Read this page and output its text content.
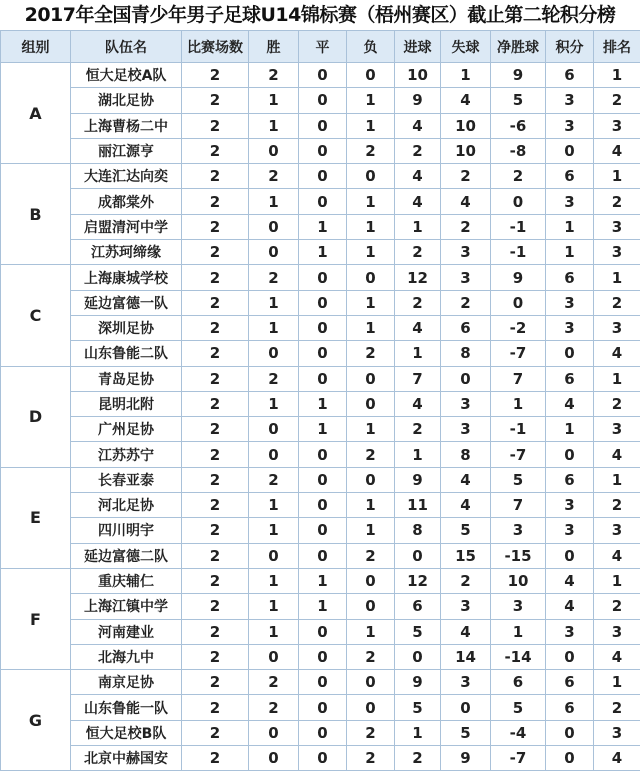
2017年全国青少年男子足球U14锦标赛（梧州赛区）截止第二轮积分榜
组别	队伍名	比赛场数	胜	平	负	进球	失球	净胜球	积分	排名
A	恒大足校A队	2	2	0	0	10	1	9	6	1
	湖北足协	2	1	0	1	9	4	5	3	2
	上海曹杨二中	2	1	0	1	4	10	-6	3	3
	丽江源亨	2	0	0	2	2	10	-8	0	4
B	大连汇达向奕	2	2	0	0	4	2	2	6	1
	成都棠外	2	1	0	1	4	4	0	3	2
	启盟清河中学	2	0	1	1	1	2	-1	1	3
	江苏珂缔缘	2	0	1	1	2	3	-1	1	3
C	上海康城学校	2	2	0	0	12	3	9	6	1
	延边富德一队	2	1	0	1	2	2	0	3	2
	深圳足协	2	1	0	1	4	6	-2	3	3
	山东鲁能二队	2	0	0	2	1	8	-7	0	4
D	青岛足协	2	2	0	0	7	0	7	6	1
	昆明北附	2	1	1	0	4	3	1	4	2
	广州足协	2	0	1	1	2	3	-1	1	3
	江苏苏宁	2	0	0	2	1	8	-7	0	4
E	长春亚泰	2	2	0	0	9	4	5	6	1
	河北足协	2	1	0	1	11	4	7	3	2
	四川明宇	2	1	0	1	8	5	3	3	3
	延边富德二队	2	0	0	2	0	15	-15	0	4
F	重庆辅仁	2	1	1	0	12	2	10	4	1
	上海江镇中学	2	1	1	0	6	3	3	4	2
	河南建业	2	1	0	1	5	4	1	3	3
	北海九中	2	0	0	2	0	14	-14	0	4
G	南京足协	2	2	0	0	9	3	6	6	1
	山东鲁能一队	2	2	0	0	5	0	5	6	2
	恒大足校B队	2	0	0	2	1	5	-4	0	3
	北京中赫国安	2	0	0	2	2	9	-7	0	4
